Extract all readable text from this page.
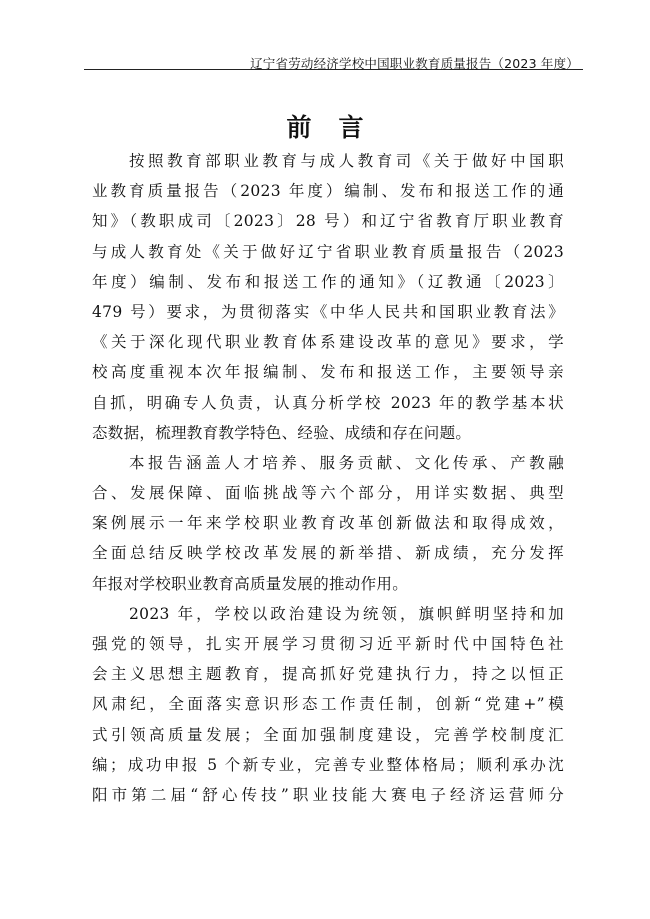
辽宁省劳动经济学校中国职业教育质量报告（2023 年度）
前言
按照教育部职业教育与成人教育司《关于做好中国职
业教育质量报告（2023 年度）编制、发布和报送工作的通
知》（教职成司〔2023〕28 号）和辽宁省教育厅职业教育
与成人教育处《关于做好辽宁省职业教育质量报告（2023
年度）编制、发布和报送工作的通知》（辽教通〔2023〕
479 号）要求，为贯彻落实《中华人民共和国职业教育法》
《关于深化现代职业教育体系建设改革的意见》要求，学
校高度重视本次年报编制、发布和报送工作，主要领导亲
自抓，明确专人负责，认真分析学校 2023 年的教学基本状
态数据，梳理教育教学特色、经验、成绩和存在问题。
本报告涵盖人才培养、服务贡献、文化传承、产教融
合、发展保障、面临挑战等六个部分，用详实数据、典型
案例展示一年来学校职业教育改革创新做法和取得成效，
全面总结反映学校改革发展的新举措、新成绩，充分发挥
年报对学校职业教育高质量发展的推动作用。
2023 年，学校以政治建设为统领，旗帜鲜明坚持和加
强党的领导，扎实开展学习贯彻习近平新时代中国特色社
会主义思想主题教育，提高抓好党建执行力，持之以恒正
风肃纪，全面落实意识形态工作责任制，创新“党建+”模
式引领高质量发展；全面加强制度建设，完善学校制度汇
编；成功申报 5 个新专业，完善专业整体格局；顺利承办沈
阳市第二届“舒心传技”职业技能大赛电子经济运营师分
